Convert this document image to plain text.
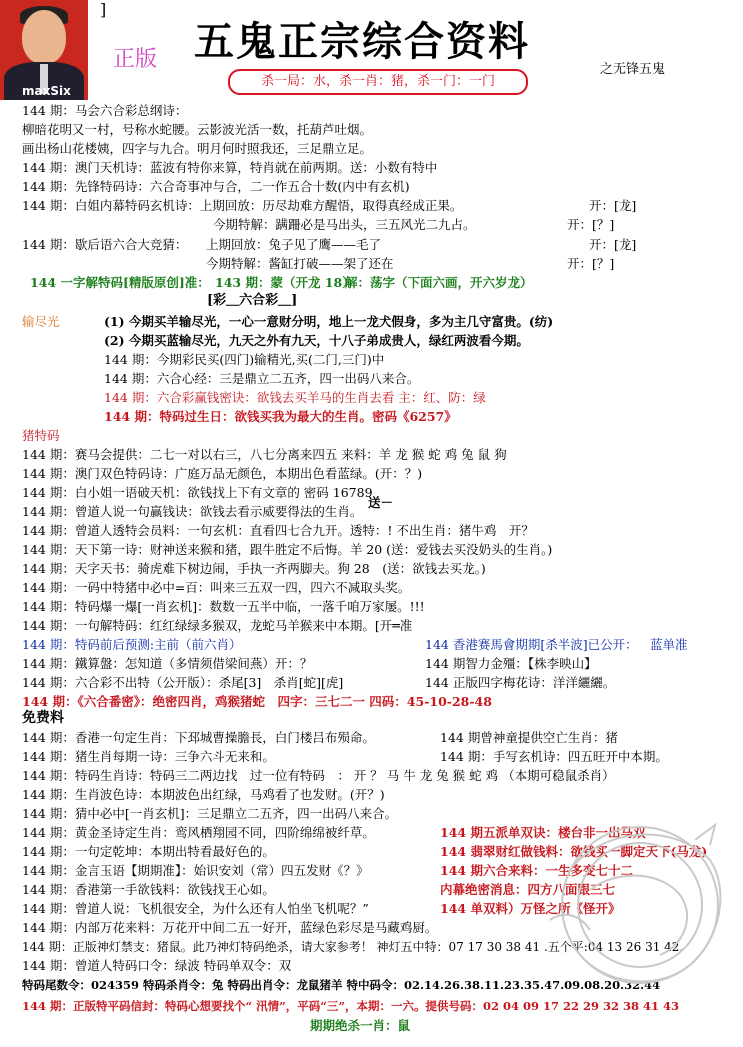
maxSix
]
正版 五鬼正宗综合资料
杀一局：水，杀一肖：猪，杀一门：一门
之无锋五鬼
144 期：马会六合彩总纲诗：
柳暗花明又一村，号称水蛇腰。云影波光活一数，托葫芦吐烟。
画出杨山花楼姨，四字与九合。明月何时照我还，三足鼎立足。
144 期：澳门天机诗：蓝波有特你来算，特肖就在前两期。送：小数有特中
144 期：先锋特码诗：六合奇事冲与合，二一作五合十数(内中有玄机)
144 期：白姐内幕特码玄机诗：上期回放：历尽劫难方醒悟，取得真经成正果。	开：[龙]
今期特解：蹒跚必是马出头，三五风光二九占。	开：[？]
144 期：歇后语六合大竞猜： 上期回放：兔子见了鹰——毛了	开：[龙]
今期特解：酱缸打破——架了还在	开：[？]
144 一字解特码[精版原创]准： 143 期：蒙（开龙 18）
解：荡字（下面六画，开六岁龙）
[彩＿六合彩＿]
输尽光	(1) 今期买羊输尽光，一心一意财分明，地上一龙犬假身，多为主几守富贵。(纺)
(2) 今期买蓝输尽光，九天之外有九天，十八子弟成贵人，绿红两波看今期。
144 期：今期彩民买(四门)输精光,买(二门,三门)中
144 期：六合心经：三是鼎立二五齐，四一出码八来合。
144 期：六合彩赢钱密诀：欲钱去买羊马的生肖去看 主：红、防：绿
144 期：特码过生日：欲钱买我为最大的生肖。密码《6257》
猪特码
144 期：赛马会提供：二七一对以右三，八七分离来四五 来料：羊 龙 猴 蛇 鸡 兔 鼠 狗
144 期：澳门双色特码诗：广庭万品无颜色，本期出色看蓝绿。(开：？)
144 期：白小姐一语破天机：欲钱找上下有文章的 密码 16789
送－
144 期：曾道人说一句赢钱诀：欲钱去看示威要得法的生肖。
144 期：曾道人透特会员料：一句玄机：直看四七合九开。透特：! 不出生肖：猪牛鸡　开？
144 期：天下第一诗：财神送来猴和猪，跟牛胜定不后悔。羊 20 (送：爱钱去买没奶头的生肖。)
144 期：天字天书：骑虎难下树边闹，手执一齐两脚夫。狗 28　(送：欲钱去买龙。)
144 期：一码中特猪中必中=百：叫来三五双一四，四六不减取头奖。
144 期：特码爆一爆[一肖玄机]：数数一五半中临，一落千咱万家屡。!!!
144 期：一句解特码：红红绿绿多猴双，龙蛇马羊猴来中本期。[开═准
144 期：特码前后预测:主前（前六肖）	144 香港赛馬會期期[杀半波]已公开： 蓝单准
144 期：鐵算盤：怎知道（多情须借梁间燕）开：？	144 期智力金殭：【株李映山】
144 期：六合彩不出特（公开版）：杀尾[3]　杀肖[蛇][虎]	144 正版四字梅花诗：洋洋纚纚。
144 期：《六合番密》：绝密四肖，鸡猴猪蛇　四字：三七二一 四码：45-10-28-48
免费料
144 期：香港一句定生肖：下邳城曹操膽長，白门楼吕布殒命。	144 期曾神童提供空亡生肖：猪
144 期：猪生肖每期一诗：三争六斗无来和。	144 期：手写玄机诗：四五旺开中本期。
144 期：特码生肖诗：特码三二两边找　过一位有特码　： 开 ？ 马 牛 龙 兔 猴 蛇 鸡 （本期可稳鼠杀肖）
144 期：生肖波色诗：本期波色出红绿，马鸡看了也发财。(开？)
144 期：猜中必中[一肖玄机]：三足鼎立二五齐，四一出码八来合。
144 期：黄金圣诗定生肖：鸾风栖翔园不同，四阶绵绵被纤草。	144 期五派单双诀：楼台非一出马双
144 期：一句定乾坤：本期出特看最好色的。	144 翡翠财红做钱料：欲钱买一脚定天下(马龙)
144 期：金言玉语【期期准】：始识安刘（常）四五发财《？》	144 期六合来料：一生多变七十二
144 期：香港第一手欲钱料：欲钱找王心如。	内幕绝密消息：四方八面跟三七
144 期：曾道人说：飞机很安全，为什么还有人怕坐飞机呢？”	144 单双料）万怪之所《怪开》
144 期：内部万花来料：万花开中间二五一好开，蓝绿色彩尽是马藏鸡厨。
144 期：正版神灯禁支：猪鼠。此乃神灯特码绝杀，请大家参考！ 神灯五中特：07 17 30 38 41 .五个平:04 13 26 31 42.
144 期：曾道人特码口令：绿波 特码单双令：双
特码尾数令：024359 特码杀肖令：兔 特码出肖令：龙鼠猪羊 特中码令：02.14.26.38.11.23.35.47.09.08.20.32.44
144 期：正版特平码信封：特码心想要找个“ 汛情”，平码“三”，本期：一六。提供号码：02 04 09 17 22 29 32 38 41 43
期期绝杀一肖：鼠
